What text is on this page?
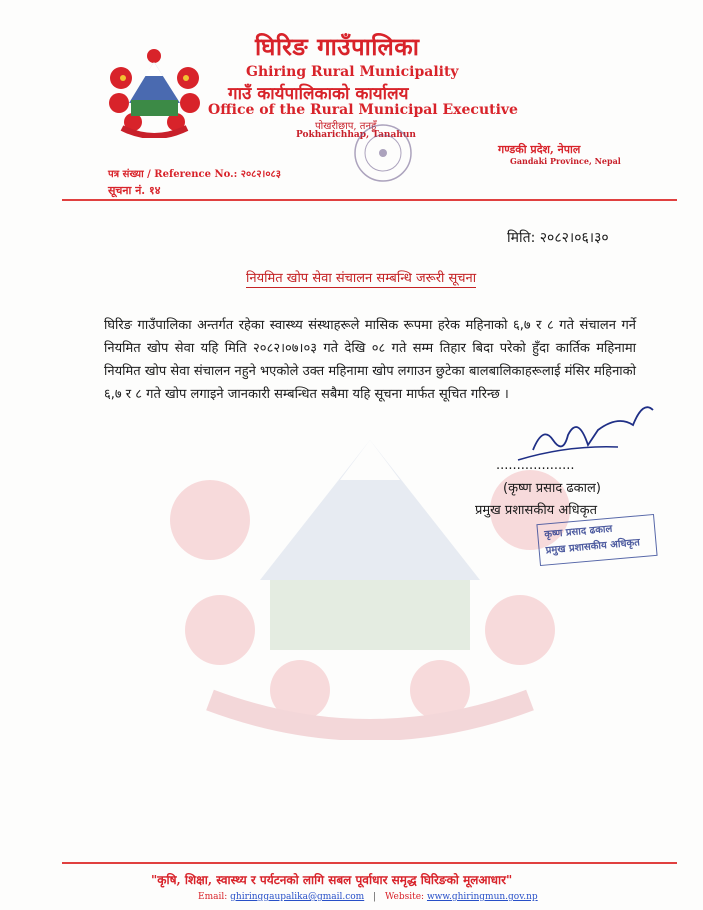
घिरिङ गाउँपालिका
Ghiring Rural Municipality
गाउँ कार्यपालिकाको कार्यालय
Office of the Rural Municipal Executive
पोखरीछाप, तनहुँ
Pokharichhap, Tanahun
गण्डकी प्रदेश, नेपाल
Gandaki Province, Nepal
पत्र संख्या / Reference No.: २०८२।०८३
सूचना नं. १४
मिति: २०८२।०६।३०
नियमित खोप सेवा संचालन सम्बन्धि जरूरी सूचना
घिरिङ गाउँपालिका अन्तर्गत रहेका स्वास्थ्य संस्थाहरूले मासिक रूपमा हरेक महिनाको ६,७ र ८ गते संचालन गर्ने नियमित खोप सेवा यहि मिति २०८२।०७।०३ गते देखि ०८ गते सम्म तिहार बिदा परेको हुँदा कार्तिक महिनामा नियमित खोप सेवा संचालन नहुने भएकोले उक्त महिनामा खोप लगाउन छुटेका बालबालिकाहरूलाई मंसिर महिनाको ६,७ र ८ गते खोप लगाइने जानकारी सम्बन्धित सबैमा यहि सूचना मार्फत सूचित गरिन्छ ।
...................
(कृष्ण प्रसाद ढकाल)
प्रमुख प्रशासकीय अधिकृत
कृष्ण प्रसाद ढकाल
प्रमुख प्रशासकीय अधिकृत
"कृषि, शिक्षा, स्वास्थ्य र पर्यटनको लागि सबल पूर्वाधार समृद्ध घिरिङको मूलआधार"
Email: ghiringgaupalika@gmail.com | Website: www.ghiringmun.gov.np
